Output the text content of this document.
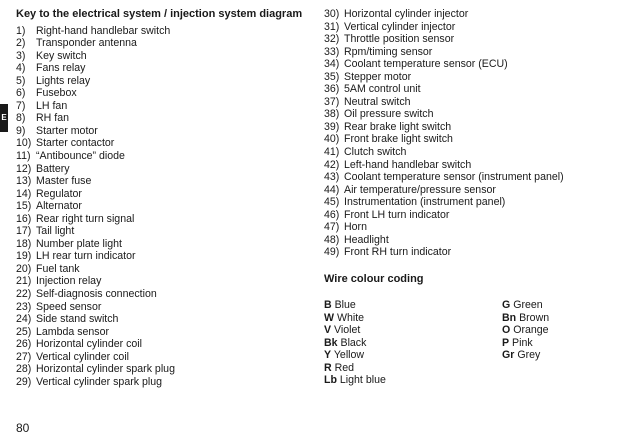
E
Key to the electrical system / injection system diagram
1) Right-hand handlebar switch
2) Transponder antenna
3) Key switch
4) Fans relay
5) Lights relay
6) Fusebox
7) LH fan
8) RH fan
9) Starter motor
10) Starter contactor
11) “Antibounce” diode
12) Battery
13) Master fuse
14) Regulator
15) Alternator
16) Rear right turn signal
17) Tail light
18) Number plate light
19) LH rear turn indicator
20) Fuel tank
21) Injection relay
22) Self-diagnosis connection
23) Speed sensor
24) Side stand switch
25) Lambda sensor
26) Horizontal cylinder coil
27) Vertical cylinder coil
28) Horizontal cylinder spark plug
29) Vertical cylinder spark plug
30) Horizontal cylinder injector
31) Vertical cylinder injector
32) Throttle position sensor
33) Rpm/timing sensor
34) Coolant temperature sensor (ECU)
35) Stepper motor
36) 5AM control unit
37) Neutral switch
38) Oil pressure switch
39) Rear brake light switch
40) Front brake light switch
41) Clutch switch
42) Left-hand handlebar switch
43) Coolant temperature sensor (instrument panel)
44) Air temperature/pressure sensor
45) Instrumentation (instrument panel)
46) Front LH turn indicator
47) Horn
48) Headlight
49) Front RH turn indicator
Wire colour coding
B Blue
W White
V Violet
Bk Black
Y Yellow
R Red
Lb Light blue
G Green
Bn Brown
O Orange
P Pink
Gr Grey
80
